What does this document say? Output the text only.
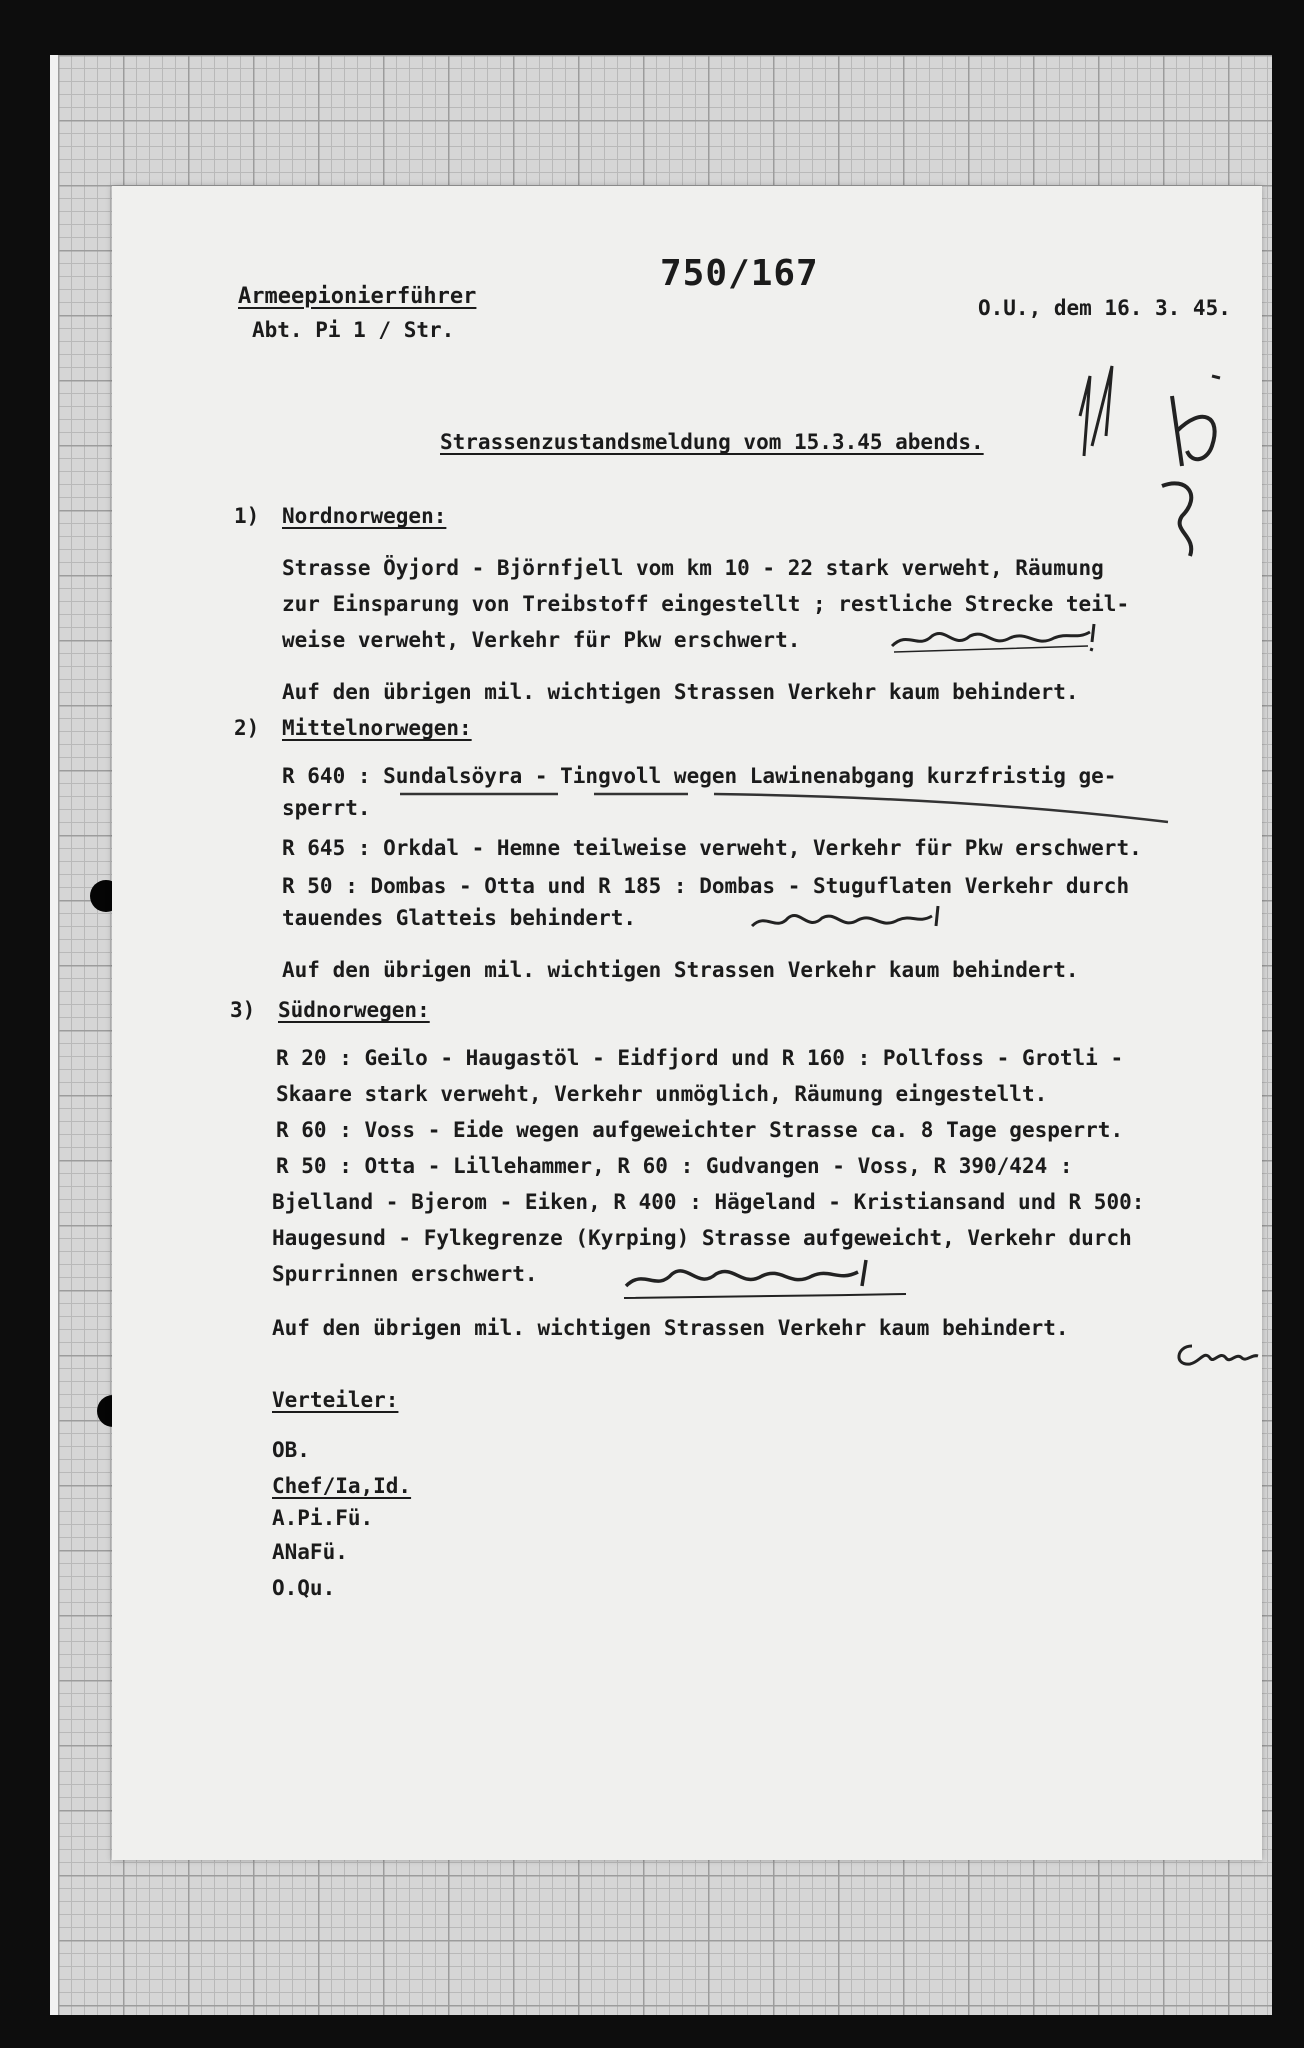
750/167
Armeepionierführer
Abt. Pi 1 / Str.
O.U., dem 16. 3. 45.
Strassenzustandsmeldung vom 15.3.45 abends.
1) Nordnorwegen:
Strasse Öyjord - Björnfjell vom km 10 - 22 stark verweht, Räumung
zur Einsparung von Treibstoff eingestellt ; restliche Strecke teil-
weise verweht, Verkehr für Pkw erschwert.
Auf den übrigen mil. wichtigen Strassen Verkehr kaum behindert.
2) Mittelnorwegen:
R 640 : Sundalsöyra - Tingvoll wegen Lawinenabgang kurzfristig ge-
sperrt.
R 645 : Orkdal - Hemne teilweise verweht, Verkehr für Pkw erschwert.
R 50 : Dombas - Otta und R 185 : Dombas - Stuguflaten Verkehr durch
tauendes Glatteis behindert.
Auf den übrigen mil. wichtigen Strassen Verkehr kaum behindert.
3) Südnorwegen:
R 20 : Geilo - Haugastöl - Eidfjord und R 160 : Pollfoss - Grotli -
Skaare stark verweht, Verkehr unmöglich, Räumung eingestellt.
R 60 : Voss - Eide wegen aufgeweichter Strasse ca. 8 Tage gesperrt.
R 50 : Otta - Lillehammer, R 60 : Gudvangen - Voss, R 390/424 :
Bjelland - Bjerom - Eiken, R 400 : Hägeland - Kristiansand und R 500:
Haugesund - Fylkegrenze (Kyrping) Strasse aufgeweicht, Verkehr durch
Spurrinnen erschwert.
Auf den übrigen mil. wichtigen Strassen Verkehr kaum behindert.
Verteiler:
OB.
Chef/Ia,Id.
A.Pi.Fü.
ANaFü.
O.Qu.
